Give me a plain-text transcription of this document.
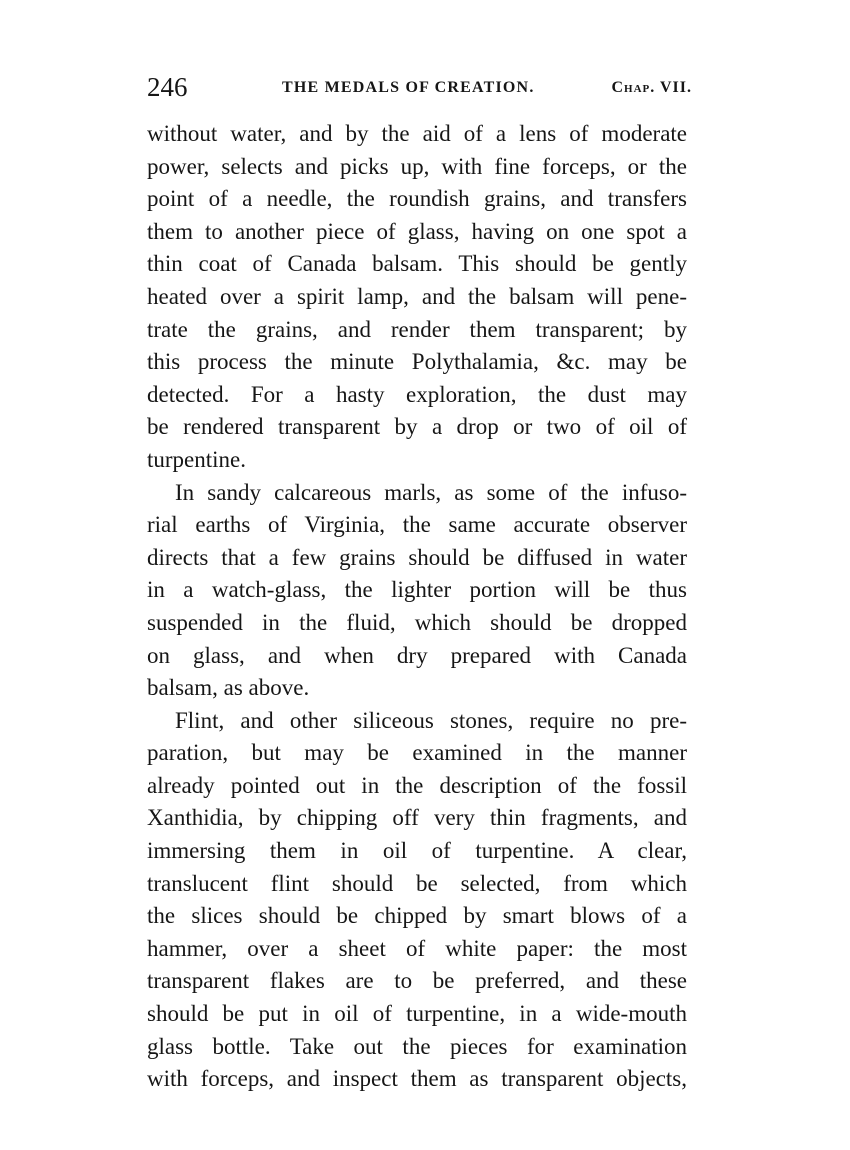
246	THE MEDALS OF CREATION.	Chap. VII.
without water, and by the aid of a lens of moderate
power, selects and picks up, with fine forceps, or the
point of a needle, the roundish grains, and transfers
them to another piece of glass, having on one spot a
thin coat of Canada balsam. This should be gently
heated over a spirit lamp, and the balsam will pene-
trate the grains, and render them transparent; by
this process the minute Polythalamia, &c. may be
detected. For a hasty exploration, the dust may
be rendered transparent by a drop or two of oil of
turpentine.
In sandy calcareous marls, as some of the infuso-
rial earths of Virginia, the same accurate observer
directs that a few grains should be diffused in water
in a watch-glass, the lighter portion will be thus
suspended in the fluid, which should be dropped
on glass, and when dry prepared with Canada
balsam, as above.
Flint, and other siliceous stones, require no pre-
paration, but may be examined in the manner
already pointed out in the description of the fossil
Xanthidia, by chipping off very thin fragments, and
immersing them in oil of turpentine. A clear,
translucent flint should be selected, from which
the slices should be chipped by smart blows of a
hammer, over a sheet of white paper: the most
transparent flakes are to be preferred, and these
should be put in oil of turpentine, in a wide-mouth
glass bottle. Take out the pieces for examination
with forceps, and inspect them as transparent objects,
